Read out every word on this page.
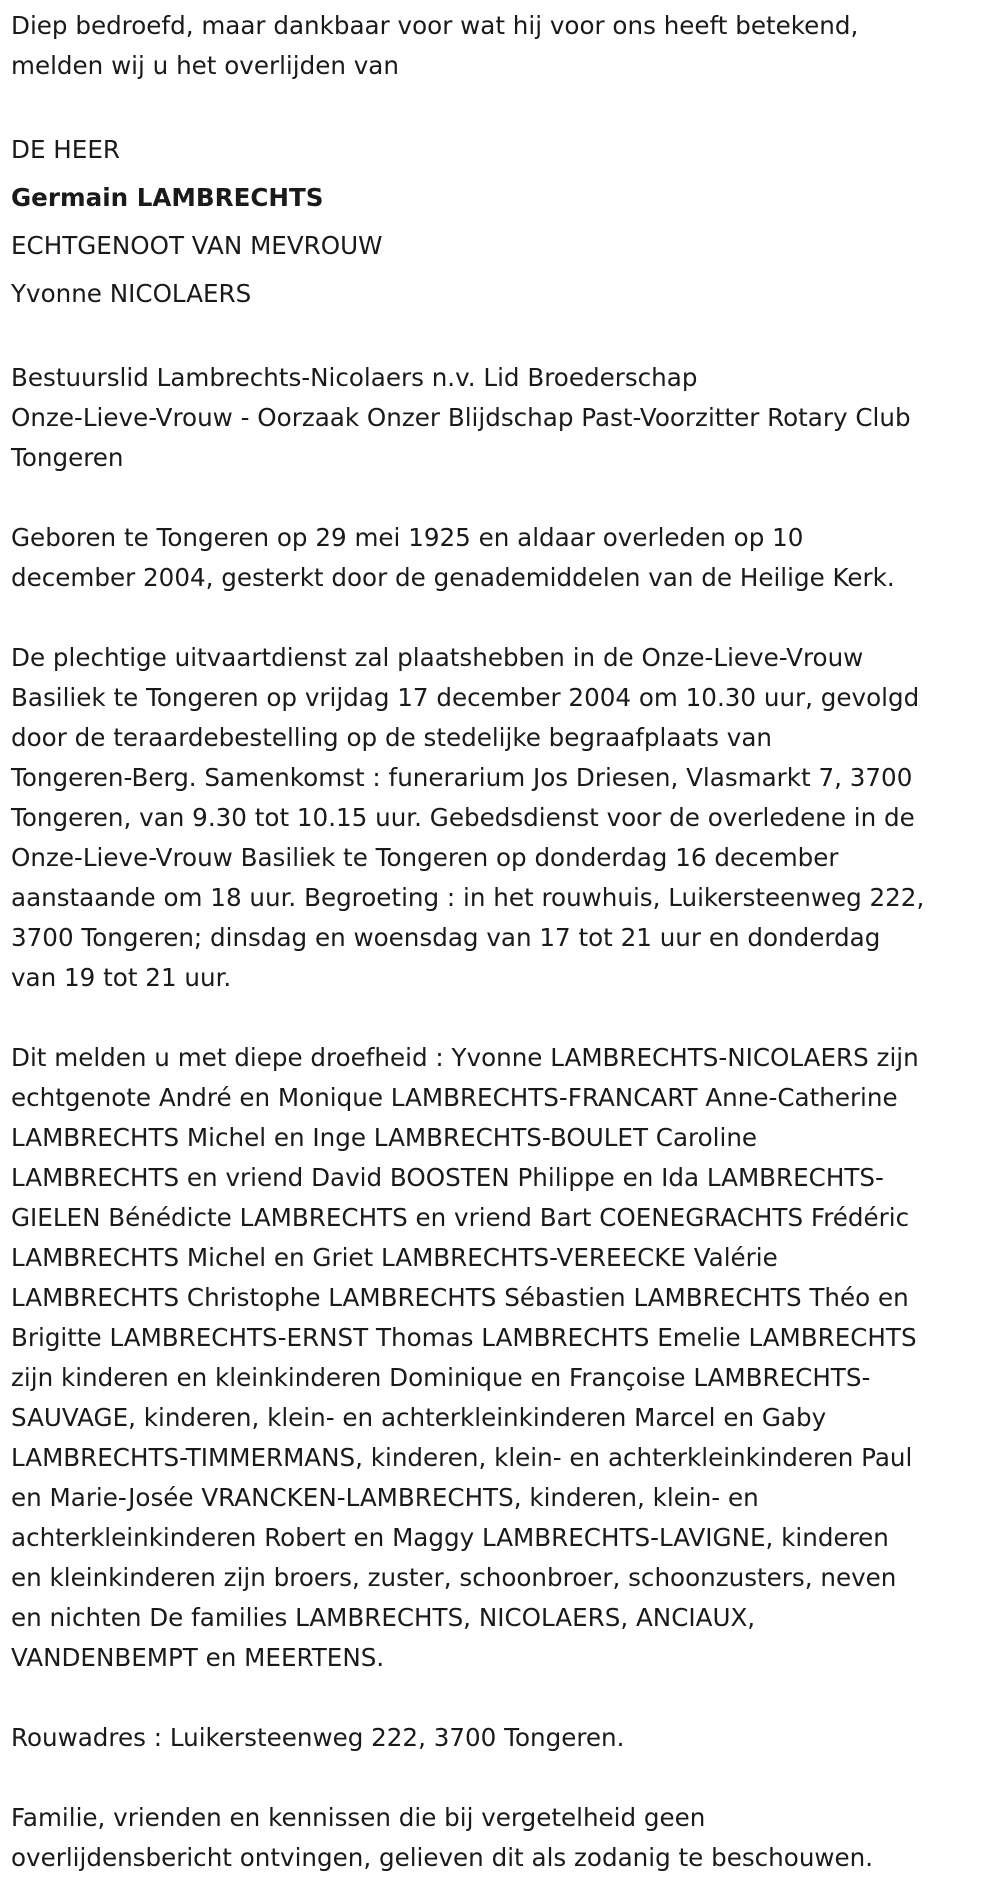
Diep bedroefd, maar dankbaar voor wat hij voor ons heeft betekend,

melden wij u het overlijden van

DE HEER

Germain LAMBRECHTS

ECHTGENOOT VAN MEVROUW

Yvonne NICOLAERS

Bestuurslid Lambrechts-Nicolaers n.v. Lid Broederschap

Onze-Lieve-Vrouw - Oorzaak Onzer Blijdschap Past-Voorzitter Rotary Club

Tongeren

Geboren te Tongeren op 29 mei 1925 en aldaar overleden op 10

december 2004, gesterkt door de genademiddelen van de Heilige Kerk.

De plechtige uitvaartdienst zal plaatshebben in de Onze-Lieve-Vrouw

Basiliek te Tongeren op vrijdag 17 december 2004 om 10.30 uur, gevolgd

door de teraardebestelling op de stedelijke begraafplaats van

Tongeren-Berg. Samenkomst : funerarium Jos Driesen, Vlasmarkt 7, 3700

Tongeren, van 9.30 tot 10.15 uur. Gebedsdienst voor de overledene in de

Onze-Lieve-Vrouw Basiliek te Tongeren op donderdag 16 december

aanstaande om 18 uur. Begroeting : in het rouwhuis, Luikersteenweg 222,

3700 Tongeren; dinsdag en woensdag van 17 tot 21 uur en donderdag

van 19 tot 21 uur.

Dit melden u met diepe droefheid : Yvonne LAMBRECHTS-NICOLAERS zijn

echtgenote André en Monique LAMBRECHTS-FRANCART Anne-Catherine

LAMBRECHTS Michel en Inge LAMBRECHTS-BOULET Caroline

LAMBRECHTS en vriend David BOOSTEN Philippe en Ida LAMBRECHTS-

GIELEN Bénédicte LAMBRECHTS en vriend Bart COENEGRACHTS Frédéric

LAMBRECHTS Michel en Griet LAMBRECHTS-VEREECKE Valérie

LAMBRECHTS Christophe LAMBRECHTS Sébastien LAMBRECHTS Théo en

Brigitte LAMBRECHTS-ERNST Thomas LAMBRECHTS Emelie LAMBRECHTS

zijn kinderen en kleinkinderen Dominique en Françoise LAMBRECHTS-

SAUVAGE, kinderen, klein- en achterkleinkinderen Marcel en Gaby

LAMBRECHTS-TIMMERMANS, kinderen, klein- en achterkleinkinderen Paul

en Marie-Josée VRANCKEN-LAMBRECHTS, kinderen, klein- en

achterkleinkinderen Robert en Maggy LAMBRECHTS-LAVIGNE, kinderen

en kleinkinderen zijn broers, zuster, schoonbroer, schoonzusters, neven

en nichten De families LAMBRECHTS, NICOLAERS, ANCIAUX,

VANDENBEMPT en MEERTENS.

Rouwadres : Luikersteenweg 222, 3700 Tongeren.

Familie, vrienden en kennissen die bij vergetelheid geen

overlijdensbericht ontvingen, gelieven dit als zodanig te beschouwen.
